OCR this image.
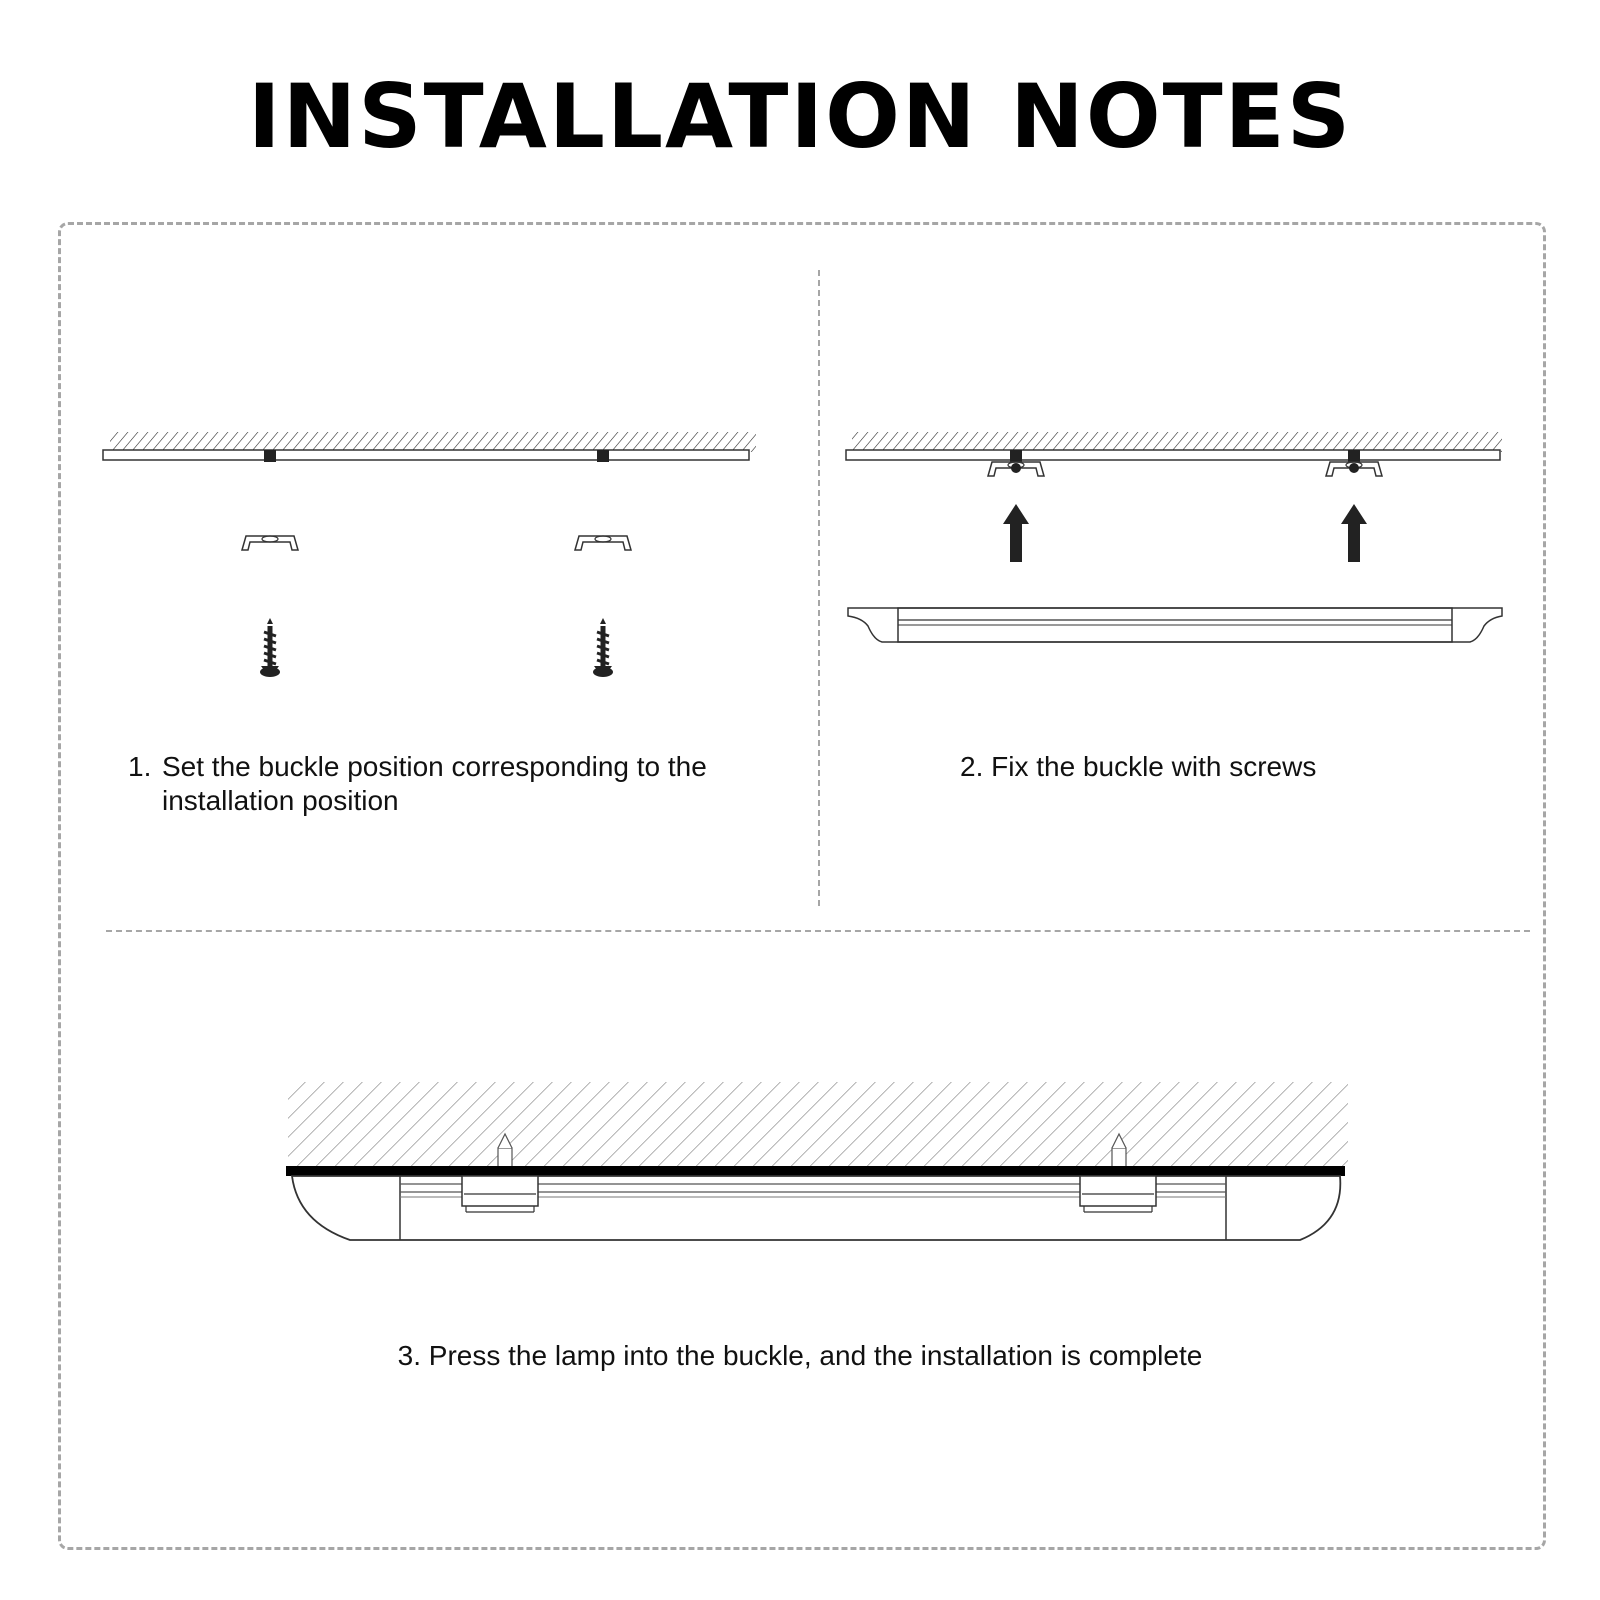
INSTALLATION NOTES

1. Set the buckle position corresponding to the
installation position

2. Fix the buckle with screws

3. Press the lamp into the buckle, and the installation is complete
